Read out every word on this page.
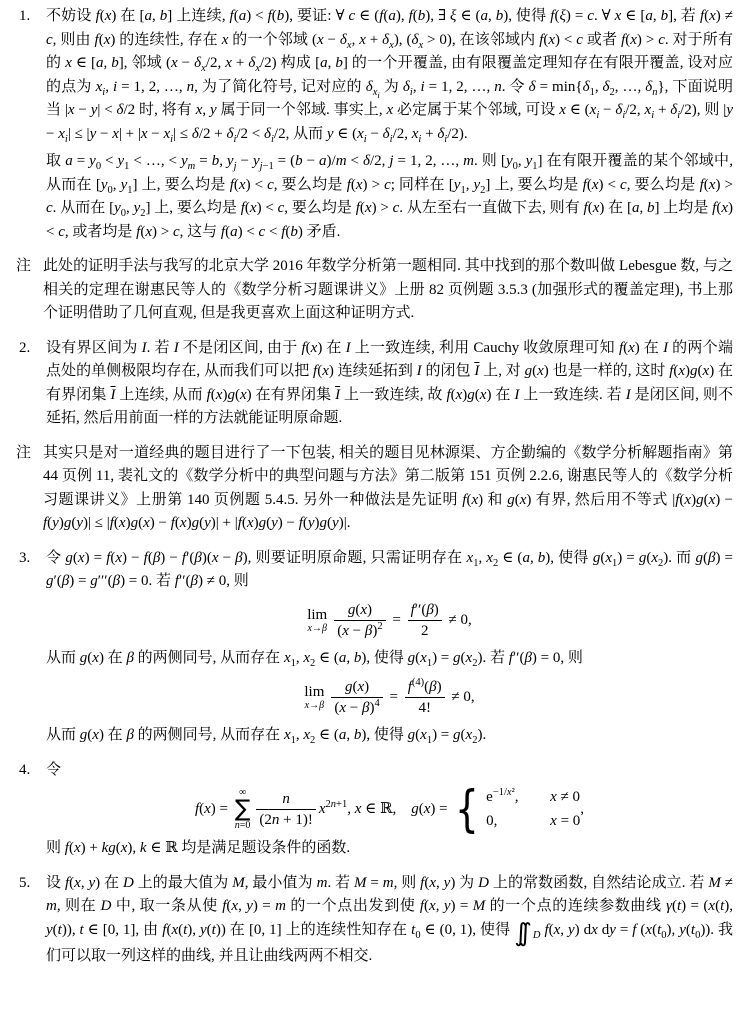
1.	不妨设 f(x) 在 [a, b] 上连续, f(a) < f(b), 要证: ∀ c ∈ (f(a), f(b), ∃ ξ ∈ (a, b), 使得 f(ξ) = c. ∀ x ∈ [a, b], 若 f(x) ≠ c, 则由 f(x) 的连续性, 存在 x 的一个邻域 ($x - \delta_x$, $x + \delta_x$), $(\delta_x > 0)$, 在该邻域内 f(x) < c 或者 f(x) > c. 对于所有的 x ∈ [a, b], 邻域 ($x - \delta_x/2$, $x + \delta_x/2$) 构成 [a, b] 的一个开覆盖, 由有限覆盖定理知存在有限开覆盖, 设对应的点为 $x_i$, i = 1, 2, …, n, 为了简化符号, 记对应的 $\delta_{x_i}$ 为 $\delta_i$, i = 1, 2, …, n. 令 $\delta = \min\{\delta_1$, $\delta_2$, …, $\delta_n$}, 下面说明当 |x − y| < δ/2 时, 将有 x, y 属于同一个邻域. 事实上, x 必定属于某个邻域, 可设 x ∈ ($x_i - \delta_i/2$, $x_i + \delta_i/2$), 则 $|y - x_i| \le |y - x| + |x - x_i| \le \delta/2 + \delta_i/2 < \delta_i/2$, 从而 y ∈ ($x_i - \delta_i/2$, $x_i + \delta_i/2$).
取 $a = y_0 < y_1$ < …, < $y_m = b$, $y_j - y_{j-1} = (b - a)/m < \delta/2$, j = 1, 2, …, m. 则 [$y_0$, $y_1$] 在有限开覆盖的某个邻域中, 从而在 [$y_0$, $y_1$] 上, 要么均是 f(x) < c, 要么均是 f(x) > c; 同样在 [$y_1$, $y_2$] 上, 要么均是 f(x) < c, 要么均是 f(x) > c. 从而在 [$y_0$, $y_2$] 上, 要么均是 f(x) < c, 要么均是 f(x) > c. 从左至右一直做下去, 则有 f(x) 在 [a, b] 上均是 f(x) < c, 或者均是 f(x) > c, 这与 f(a) < c < f(b) 矛盾.
注 此处的证明手法与我写的北京大学 2016 年数学分析第一题相同. 其中找到的那个数叫做 Lebesgue 数, 与之相关的定理在谢惠民等人的《数学分析习题课讲义》上册 82 页例题 3.5.3 (加强形式的覆盖定理), 书上那个证明借助了几何直观, 但是我更喜欢上面这种证明方式.
2.	设有界区间为 I. 若 I 不是闭区间, 由于 f(x) 在 I 上一致连续, 利用 Cauchy 收敛原理可知 f(x) 在 I 的两个端点处的单侧极限均存在, 从而我们可以把 f(x) 连续延拓到 I 的闭包 $\overline{I}$ 上, 对 g(x) 也是一样的, 这时 f(x)g(x) 在有界闭集 $\overline{I}$ 上连续, 从而 f(x)g(x) 在有界闭集 $\overline{I}$ 上一致连续, 故 f(x)g(x) 在 I 上一致连续. 若 I 是闭区间, 则不延拓, 然后用前面一样的方法就能证明原命题.
注 其实只是对一道经典的题目进行了一下包装, 相关的题目见林源渠、方企勤编的《数学分析解题指南》第 44 页例 11, 裴礼文的《数学分析中的典型问题与方法》第二版第 151 页例 2.2.6, 谢惠民等人的《数学分析习题课讲义》上册第 140 页例题 5.4.5. 另外一种做法是先证明 f(x) 和 g(x) 有界, 然后用不等式 |f(x)g(x) − f(y)g(y)| ≤ |f(x)g(x) − f(x)g(y)| + |f(x)g(y) − f(y)g(y)|.
3.	令 g(x) = f(x) − f(β) − f′(β)(x − β), 则要证明原命题, 只需证明存在 $x_1$, $x_2$ ∈ (a, b), 使得 $g(x_1) = g(x_2)$. 而 g(β) = g′(β) = g′′′(β) = 0. 若 f′′(β) ≠ 0, 则
lim
$x\to\beta \frac{g(x)}{(x - \beta)^2} = \frac{f''(\beta)}{2} \ne 0$,
从而 g(x) 在 β 的两侧同号, 从而存在 $x_1$, $x_2$ ∈ (a, b), 使得 $g(x_1) = g(x_2)$. 若 f′′(β) = 0, 则
lim
$x\to\beta \frac{g(x)}{(x - \beta)^4} = \frac{f^{(4)}(\beta)}{4!} \ne 0$,
从而 g(x) 在 β 的两侧同号, 从而存在 $x_1$, $x_2$ ∈ (a, b), 使得 $g(x_1) = g(x_2)$.
4.	令
f(x) =
∞
∑
$n=0 \frac{n}{(2n + 1)!} x^{2n+1}$, x ∈ ℝ,    g(x) = { $e^{-1/x^2}$,	x ≠ 0
0,	x = 0
,
则 f(x) + kg(x), k ∈ ℝ 均是满足题设条件的函数.
5.	设 f(x, y) 在 D 上的最大值为 M, 最小值为 m. 若 M = m, 则 f(x, y) 为 D 上的常数函数, 自然结论成立. 若 M ≠ m, 则在 D 中, 取一条从使 f(x, y) = m 的一个点出发到使 f(x, y) = M 的一个点的连续参数曲线 γ(t) = (x(t), y(t)), t ∈ [0, 1], 由 f(x(t), y(t)) 在 [0, 1] 上的连续性知存在 $t_0$ ∈ (0, 1), 使得 ∫∫ $_D$ f(x, y) dx dy = f ($x(t_0)$, $y(t_0)$). 我们可以取一列这样的曲线, 并且让曲线两两不相交.
